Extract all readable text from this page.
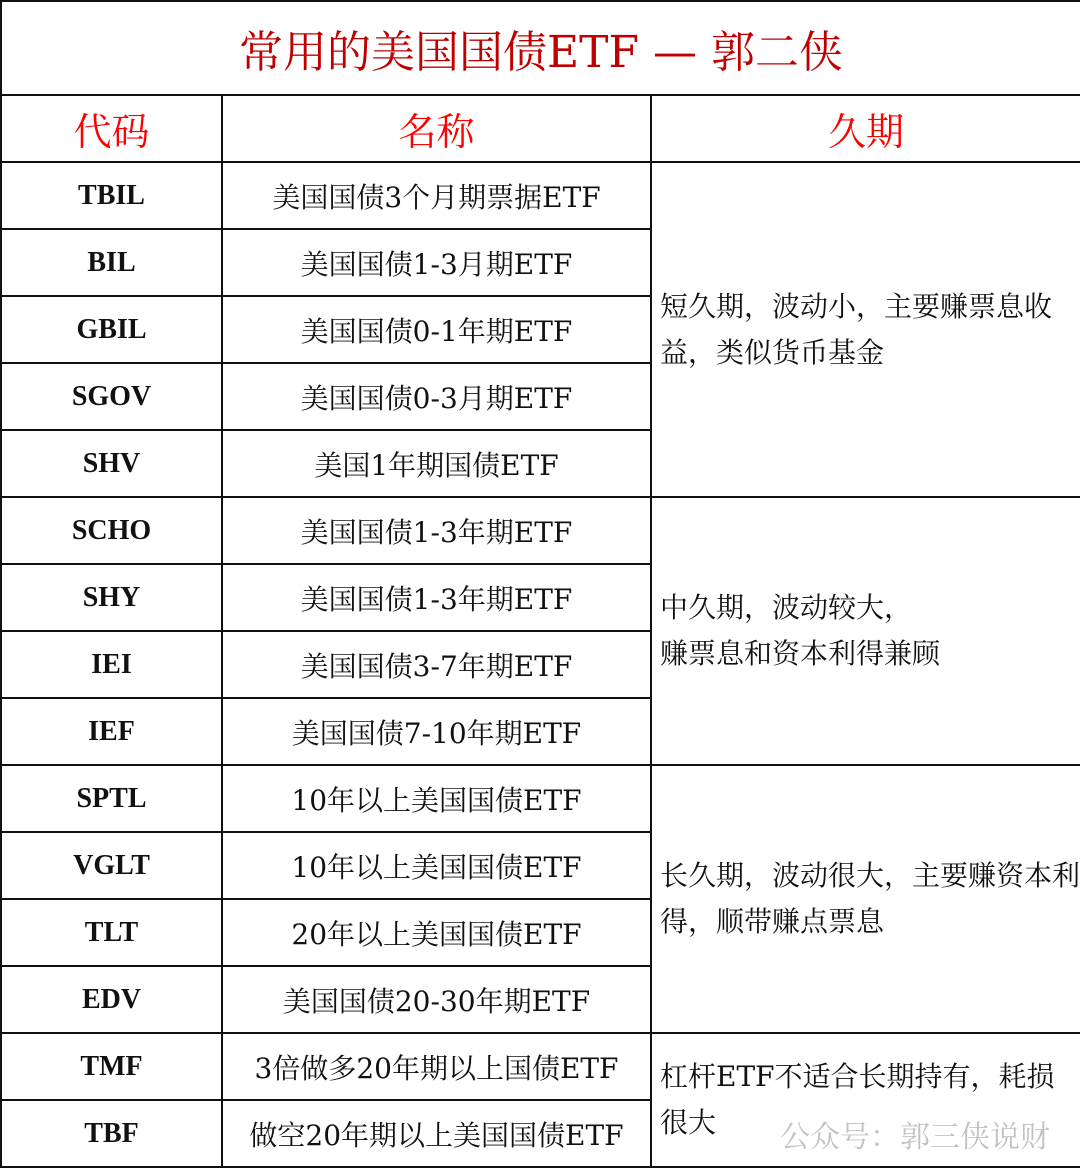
常用的美国国债ETF — 郭二侠		
代码	名称	久期
TBIL	美国国债3个月期票据ETF	短久期，波动小，主要赚票息收益，类似货币基金
BIL	美国国债1-3月期ETF	
GBIL	美国国债0-1年期ETF	
SGOV	美国国债0-3月期ETF	
SHV	美国1年期国债ETF	
SCHO	美国国债1-3年期ETF	中久期，波动较大，
赚票息和资本利得兼顾
SHY	美国国债1-3年期ETF	
IEI	美国国债3-7年期ETF	
IEF	美国国债7-10年期ETF	
SPTL	10年以上美国国债ETF	长久期，波动很大，主要赚资本利得，顺带赚点票息
VGLT	10年以上美国国债ETF	
TLT	20年以上美国国债ETF	
EDV	美国国债20-30年期ETF	
TMF	3倍做多20年期以上国债ETF	杠杆ETF不适合长期持有，耗损很大
TBF	做空20年期以上美国国债ETF		公众号：郭三侠说财
